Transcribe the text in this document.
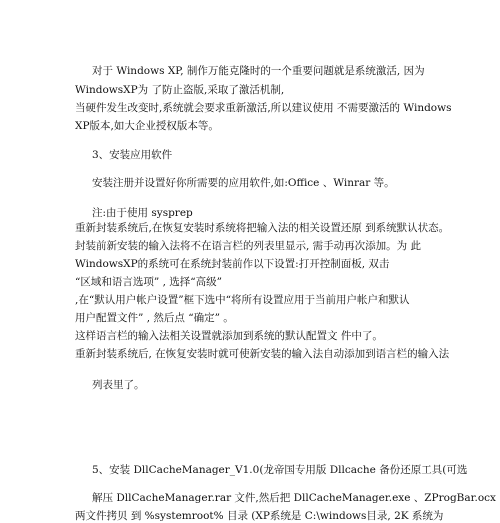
对于 Windows XP, 制作万能克隆时的一个重要问题就是系统激活, 因为
WindowsXP为 了防止盗版,采取了激活机制,
当硬件发生改变时,系统就会要求重新激活,所以建议使用 不需要激活的 Windows
XP版本,如大企业授权版本等。
3、安装应用软件
安装注册并设置好你所需要的应用软件,如:Office 、Winrar 等。
注:由于使用 sysprep
重新封装系统后,在恢复安装时系统将把输入法的相关设置还原 到系统默认状态。
封装前新安装的输入法将不在语言栏的列表里显示, 需手动再次添加。为 此
WindowsXP的系统可在系统封装前作以下设置:打开控制面板, 双击
“区域和语言选项” , 选择“高级”
,在“默认用户帐户设置”框下选中“将所有设置应用于当前用户帐户和默认
用户配置文件” , 然后点 “确定” 。
这样语言栏的输入法相关设置就添加到系统的默认配置文 件中了。
重新封装系统后, 在恢复安装时就可使新安装的输入法自动添加到语言栏的输入法
列表里了。
5、安装 DllCacheManager_V1.0(龙帝国专用版 Dllcache 备份还原工具(可选
解压 DllCacheManager.rar 文件,然后把 DllCacheManager.exe 、ZProgBar.ocx
两文件拷贝 到 %systemroot% 目录 (XP系统是 C:\windows目录, 2K 系统为
